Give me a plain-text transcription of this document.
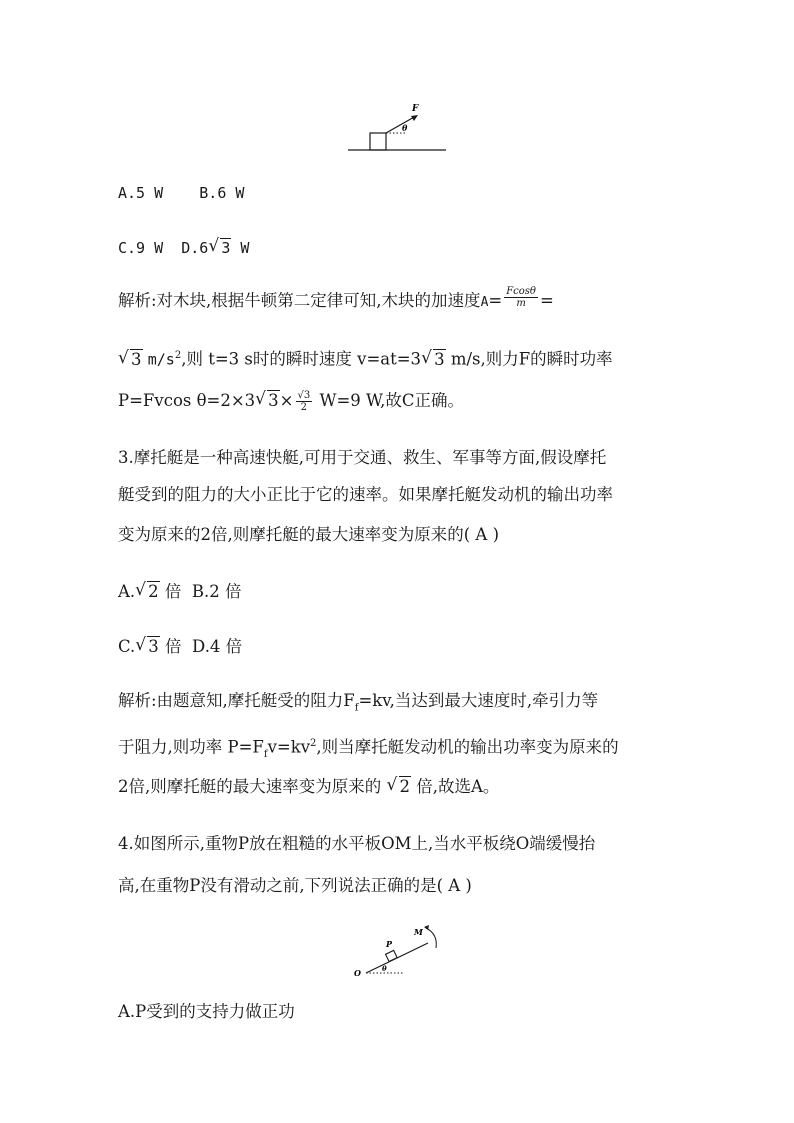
F
θ
A.5 W B.6 W
C.9 W D.6 √ 3 W
解析:对木块,根据牛顿第二定律可知,木块的加速度$A= \frac{Fcos\theta}{m}$ =
√ 3 $m/s^2$,则 t=3 s时的瞬时速度 v=at=3 √ 3 m/s,则力F的瞬时功率
P=Fvcos θ=2×3 √ $3\times \frac{√3}{2} W=9$ W,故C正确。
3.摩托艇是一种高速快艇,可用于交通、救生、军事等方面,假设摩托
艇受到的阻力的大小正比于它的速率。如果摩托艇发动机的输出功率
变为原来的2倍,则摩托艇的最大速率变为原来的( A )
A. √ 2 倍 B.2 倍
C. √ 3 倍 D.4 倍
解析:由题意知,摩托艇受的阻力$F_f=kv$,当达到最大速度时,牵引力等
于阻力,则功率 $P=F_fv=kv^2$,则当摩托艇发动机的输出功率变为原来的
2倍,则摩托艇的最大速率变为原来的 √ 2 倍,故选A。
4.如图所示,重物P放在粗糙的水平板OM上,当水平板绕O端缓慢抬
高,在重物P没有滑动之前,下列说法正确的是( A )
O
P
M
θ
A.P受到的支持力做正功
